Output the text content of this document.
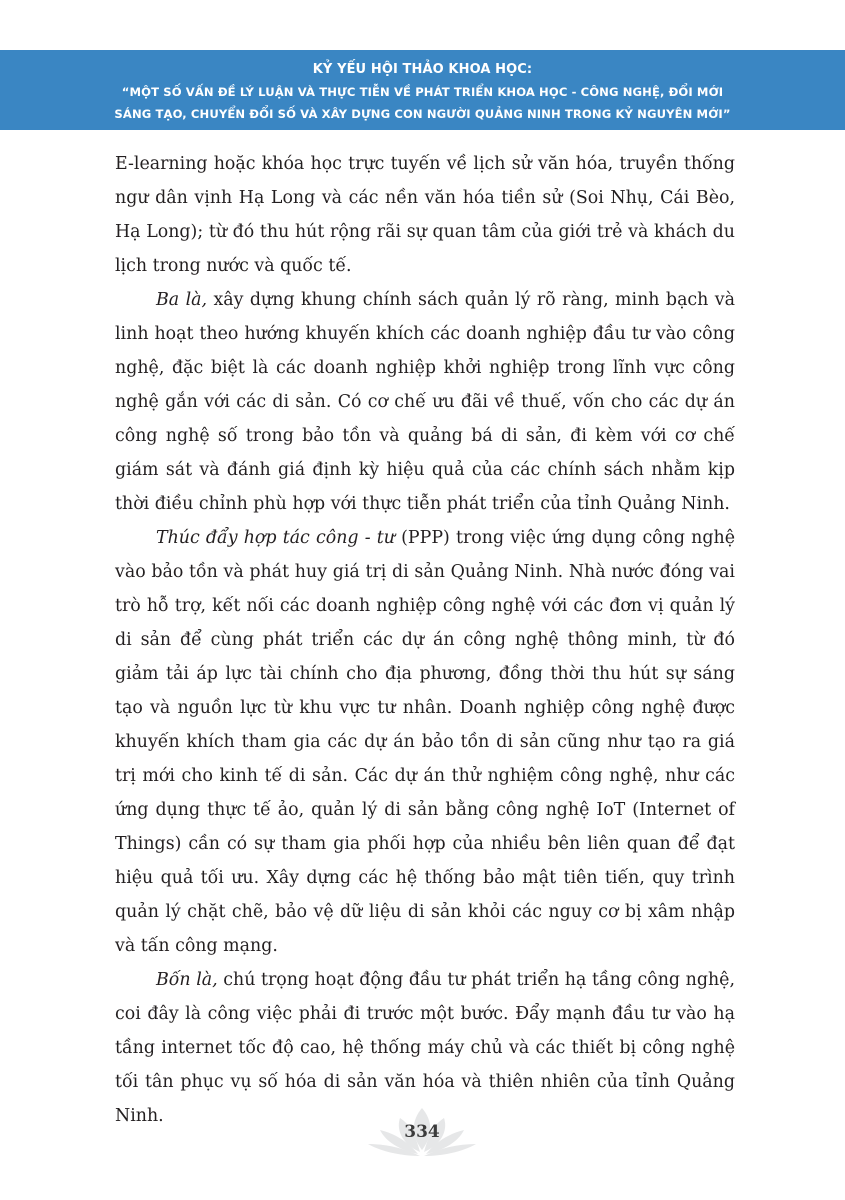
KỶ YẾU HỘI THẢO KHOA HỌC:
“MỘT SỐ VẤN ĐỀ LÝ LUẬN VÀ THỰC TIỄN VỀ PHÁT TRIỂN KHOA HỌC - CÔNG NGHỆ, ĐỔI MỚI
SÁNG TẠO, CHUYỂN ĐỔI SỐ VÀ XÂY DỰNG CON NGƯỜI QUẢNG NINH TRONG KỶ NGUYÊN MỚI”

E-learning hoặc khóa học trực tuyến về lịch sử văn hóa, truyền thống ngư dân vịnh Hạ Long và các nền văn hóa tiền sử (Soi Nhụ, Cái Bèo, Hạ Long); từ đó thu hút rộng rãi sự quan tâm của giới trẻ và khách du lịch trong nước và quốc tế.

Ba là, xây dựng khung chính sách quản lý rõ ràng, minh bạch và linh hoạt theo hướng khuyến khích các doanh nghiệp đầu tư vào công nghệ, đặc biệt là các doanh nghiệp khởi nghiệp trong lĩnh vực công nghệ gắn với các di sản. Có cơ chế ưu đãi về thuế, vốn cho các dự án công nghệ số trong bảo tồn và quảng bá di sản, đi kèm với cơ chế giám sát và đánh giá định kỳ hiệu quả của các chính sách nhằm kịp thời điều chỉnh phù hợp với thực tiễn phát triển của tỉnh Quảng Ninh.

Thúc đẩy hợp tác công - tư (PPP) trong việc ứng dụng công nghệ vào bảo tồn và phát huy giá trị di sản Quảng Ninh. Nhà nước đóng vai trò hỗ trợ, kết nối các doanh nghiệp công nghệ với các đơn vị quản lý di sản để cùng phát triển các dự án công nghệ thông minh, từ đó giảm tải áp lực tài chính cho địa phương, đồng thời thu hút sự sáng tạo và nguồn lực từ khu vực tư nhân. Doanh nghiệp công nghệ được khuyến khích tham gia các dự án bảo tồn di sản cũng như tạo ra giá trị mới cho kinh tế di sản. Các dự án thử nghiệm công nghệ, như các ứng dụng thực tế ảo, quản lý di sản bằng công nghệ IoT (Internet of Things) cần có sự tham gia phối hợp của nhiều bên liên quan để đạt hiệu quả tối ưu. Xây dựng các hệ thống bảo mật tiên tiến, quy trình quản lý chặt chẽ, bảo vệ dữ liệu di sản khỏi các nguy cơ bị xâm nhập và tấn công mạng.

Bốn là, chú trọng hoạt động đầu tư phát triển hạ tầng công nghệ, coi đây là công việc phải đi trước một bước. Đẩy mạnh đầu tư vào hạ tầng internet tốc độ cao, hệ thống máy chủ và các thiết bị công nghệ tối tân phục vụ số hóa di sản văn hóa và thiên nhiên của tỉnh Quảng Ninh.

334
